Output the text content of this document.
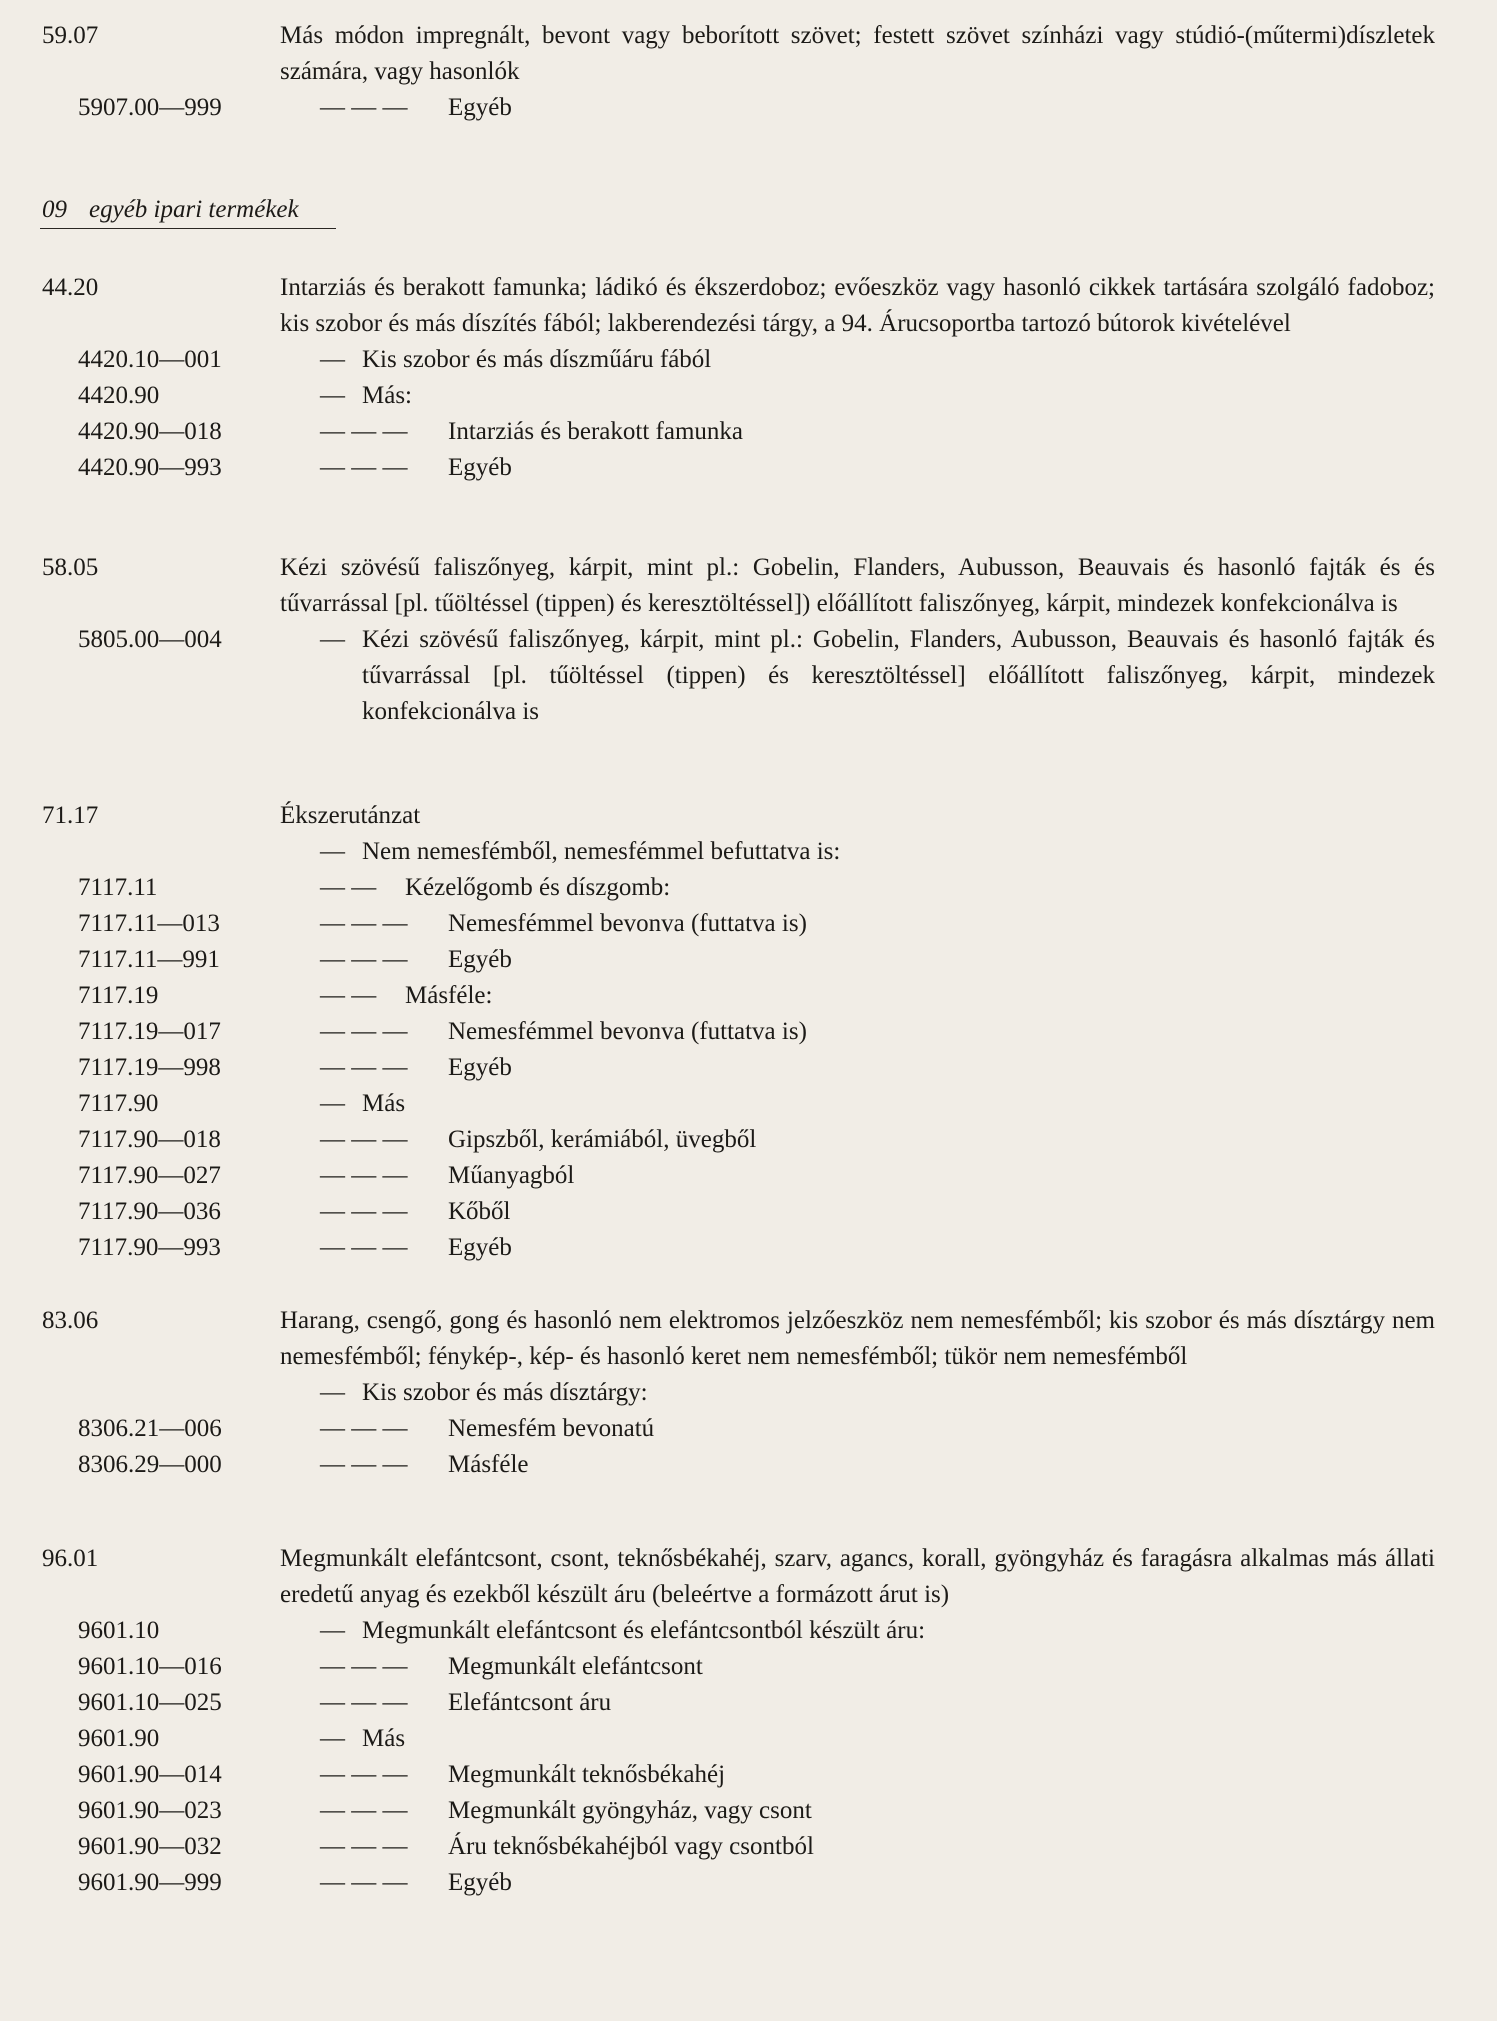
59.07	Más módon impregnált, bevont vagy beborított szövet; festett szövet színházi vagy stúdió-(műtermi)díszletek számára, vagy hasonlók
5907.00—999	— — — Egyéb
09 egyéb ipari termékek
44.20	Intarziás és berakott famunka; ládikó és ékszerdoboz; evőeszköz vagy hasonló cikkek tartására szolgáló fadoboz; kis szobor és más díszítés fából; lakberendezési tárgy, a 94. Árucsoportba tartozó bútorok kivételével
4420.10—001	— Kis szobor és más díszműáru fából
4420.90	— Más:
4420.90—018	— — — Intarziás és berakott famunka
4420.90—993	— — — Egyéb
58.05	Kézi szövésű faliszőnyeg, kárpit, mint pl.: Gobelin, Flanders, Aubusson, Beauvais és hasonló fajták és és tűvarrással [pl. tűöltéssel (tippen) és keresztöltéssel]) előállított faliszőnyeg, kárpit, mindezek konfekcionálva is
5805.00—004	— Kézi szövésű faliszőnyeg, kárpit, mint pl.: Gobelin, Flanders, Aubusson, Beauvais és hasonló fajták és tűvarrással [pl. tűöltéssel (tippen) és keresztöltéssel] előállított faliszőnyeg, kárpit, mindezek konfekcionálva is
71.17	Ékszerutánzat
— Nem nemesfémből, nemesfémmel befuttatva is:
7117.11	— — Kézelőgomb és díszgomb:
7117.11—013	— — — Nemesfémmel bevonva (futtatva is)
7117.11—991	— — — Egyéb
7117.19	— — Másféle:
7117.19—017	— — — Nemesfémmel bevonva (futtatva is)
7117.19—998	— — — Egyéb
7117.90	— Más
7117.90—018	— — — Gipszből, kerámiából, üvegből
7117.90—027	— — — Műanyagból
7117.90—036	— — — Kőből
7117.90—993	— — — Egyéb
83.06	Harang, csengő, gong és hasonló nem elektromos jelzőeszköz nem nemesfémből; kis szobor és más dísztárgy nem nemesfémből; fénykép-, kép- és hasonló keret nem nemesfémből; tükör nem nemesfémből
— Kis szobor és más dísztárgy:
8306.21—006	— — — Nemesfém bevonatú
8306.29—000	— — — Másféle
96.01	Megmunkált elefántcsont, csont, teknősbékahéj, szarv, agancs, korall, gyöngyház és faragásra alkalmas más állati eredetű anyag és ezekből készült áru (beleértve a formázott árut is)
9601.10	— Megmunkált elefántcsont és elefántcsontból készült áru:
9601.10—016	— — — Megmunkált elefántcsont
9601.10—025	— — — Elefántcsont áru
9601.90	— Más
9601.90—014	— — — Megmunkált teknősbékahéj
9601.90—023	— — — Megmunkált gyöngyház, vagy csont
9601.90—032	— — — Áru teknősbékahéjból vagy csontból
9601.90—999	— — — Egyéb
